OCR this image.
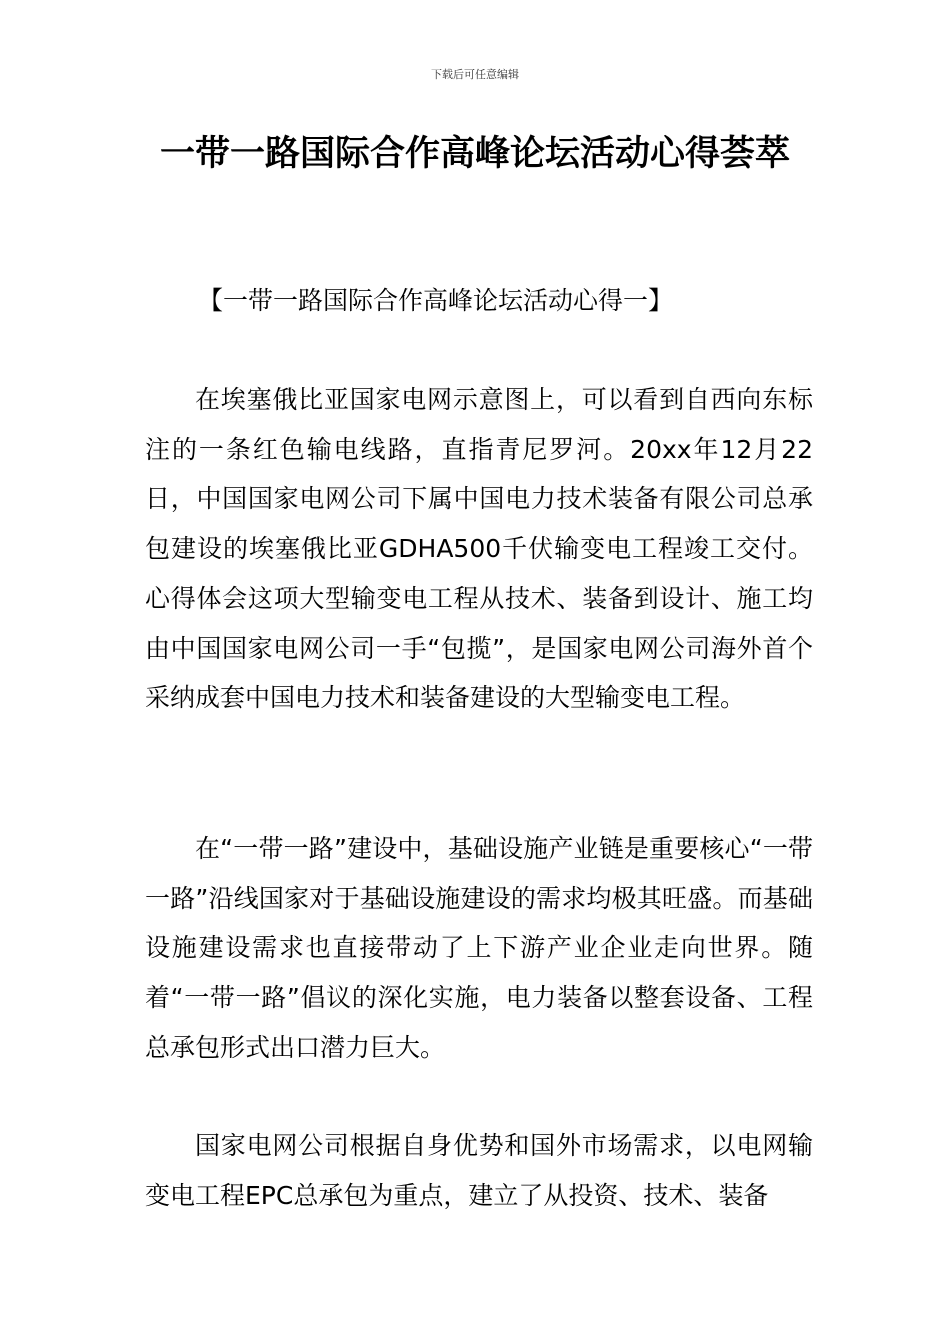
下载后可任意编辑
一带一路国际合作高峰论坛活动心得荟萃
【一带一路国际合作高峰论坛活动心得一】

在埃塞俄比亚国家电网示意图上，可以看到自西向东标注的一条红色输电线路，直指青尼罗河。20xx年12月22日，中国国家电网公司下属中国电力技术装备有限公司总承包建设的埃塞俄比亚GDHA500千伏输变电工程竣工交付。心得体会这项大型输变电工程从技术、装备到设计、施工均由中国国家电网公司一手“包揽”，是国家电网公司海外首个采纳成套中国电力技术和装备建设的大型输变电工程。

在“一带一路”建设中，基础设施产业链是重要核心“一带一路”沿线国家对于基础设施建设的需求均极其旺盛。而基础设施建设需求也直接带动了上下游产业企业走向世界。随着“一带一路”倡议的深化实施，电力装备以整套设备、工程总承包形式出口潜力巨大。

国家电网公司根据自身优势和国外市场需求，以电网输变电工程EPC总承包为重点，建立了从投资、技术、装备
